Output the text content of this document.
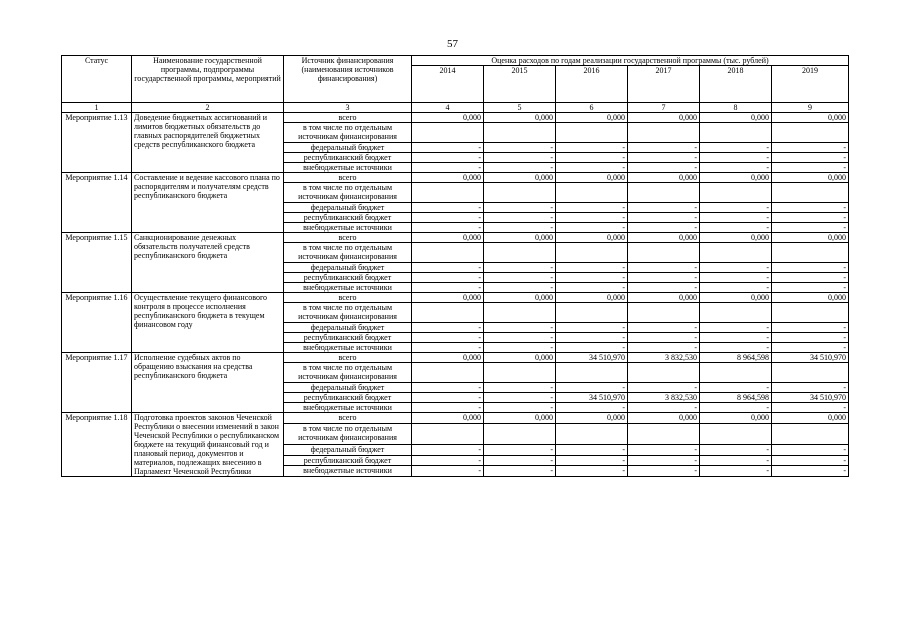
57
Статус	Наименование государственной программы, подпрограммы государственной программы, мероприятий	Источник финансирования (наименования источников финансирования)	Оценка расходов по годам реализации государственной программы (тыс. рублей)					
			2014	2015	2016	2017	2018	2019
1	2	3	4	5	6	7	8	9
Мероприятие 1.13	Доведение бюджетных ассигнований и лимитов бюджетных обязательств до главных распорядителей бюджетных средств республиканского бюджета	всего	0,000	0,000	0,000	0,000	0,000	0,000
		в том числе по отдельным источникам финансирования						
		федеральный бюджет	-	-	-	-	-	-
		республиканский бюджет	-	-	-	-	-	-
		внебюджетные источники	-	-	-	-	-	-
Мероприятие 1.14	Составление и ведение кассового плана по распорядителям и получателям средств республиканского бюджета	всего	0,000	0,000	0,000	0,000	0,000	0,000
		в том числе по отдельным источникам финансирования						
		федеральный бюджет	-	-	-	-	-	-
		республиканский бюджет	-	-	-	-	-	-
		внебюджетные источники	-	-	-	-	-	-
Мероприятие 1.15	Санкционирование денежных обязательств получателей средств республиканского бюджета	всего	0,000	0,000	0,000	0,000	0,000	0,000
		в том числе по отдельным источникам финансирования						
		федеральный бюджет	-	-	-	-	-	-
		республиканский бюджет	-	-	-	-	-	-
		внебюджетные источники	-	-	-	-	-	-
Мероприятие 1.16	Осуществление текущего финансового контроля в процессе исполнения республиканского бюджета в текущем финансовом году	всего	0,000	0,000	0,000	0,000	0,000	0,000
		в том числе по отдельным источникам финансирования						
		федеральный бюджет	-	-	-	-	-	-
		республиканский бюджет	-	-	-	-	-	-
		внебюджетные источники	-	-	-	-	-	-
Мероприятие 1.17	Исполнение судебных актов по обращению взыскания на средства республиканского бюджета	всего	0,000	0,000	34 510,970	3 832,530	8 964,598	34 510,970
		в том числе по отдельным источникам финансирования						
		федеральный бюджет	-	-	-	-	-	-
		республиканский бюджет	-	-	34 510,970	3 832,530	8 964,598	34 510,970
		внебюджетные источники	-	-	-	-	-	-
Мероприятие 1.18	Подготовка проектов законов Чеченской Республики о внесении изменений в закон Чеченской Республики о республиканском бюджете на текущий финансовый год и плановый период, документов и материалов, подлежащих внесению в Парламент Чеченской Республики	всего	0,000	0,000	0,000	0,000	0,000	0,000
		в том числе по отдельным источникам финансирования						
		федеральный бюджет	-	-	-	-	-	-
		республиканский бюджет	-	-	-	-	-	-
		внебюджетные источники	-	-	-	-	-	-
